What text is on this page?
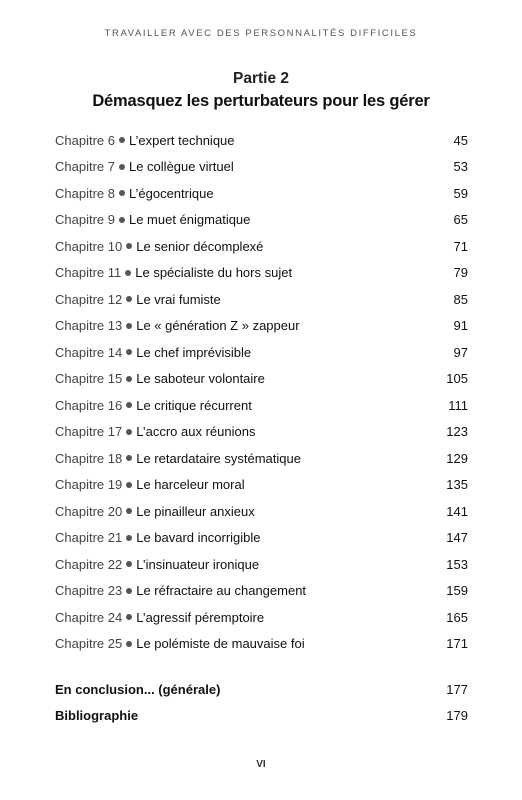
TRAVAILLER AVEC DES PERSONNALITÉS DIFFICILES
Partie 2
Démasquez les perturbateurs pour les gérer
Chapitre 6 L’expert technique	45
Chapitre 7 Le collègue virtuel	53
Chapitre 8 L’égocentrique	59
Chapitre 9 Le muet énigmatique	65
Chapitre 10 Le senior décomplexé	71
Chapitre 11 Le spécialiste du hors sujet	79
Chapitre 12 Le vrai fumiste	85
Chapitre 13 Le « génération Z » zappeur	91
Chapitre 14 Le chef imprévisible	97
Chapitre 15 Le saboteur volontaire	105
Chapitre 16 Le critique récurrent	111
Chapitre 17 L’accro aux réunions	123
Chapitre 18 Le retardataire systématique	129
Chapitre 19 Le harceleur moral	135
Chapitre 20 Le pinailleur anxieux	141
Chapitre 21 Le bavard incorrigible	147
Chapitre 22 L’insinuateur ironique	153
Chapitre 23 Le réfractaire au changement	159
Chapitre 24 L’agressif péremptoire	165
Chapitre 25 Le polémiste de mauvaise foi	171
En conclusion... (générale)	177
Bibliographie	179
VI
